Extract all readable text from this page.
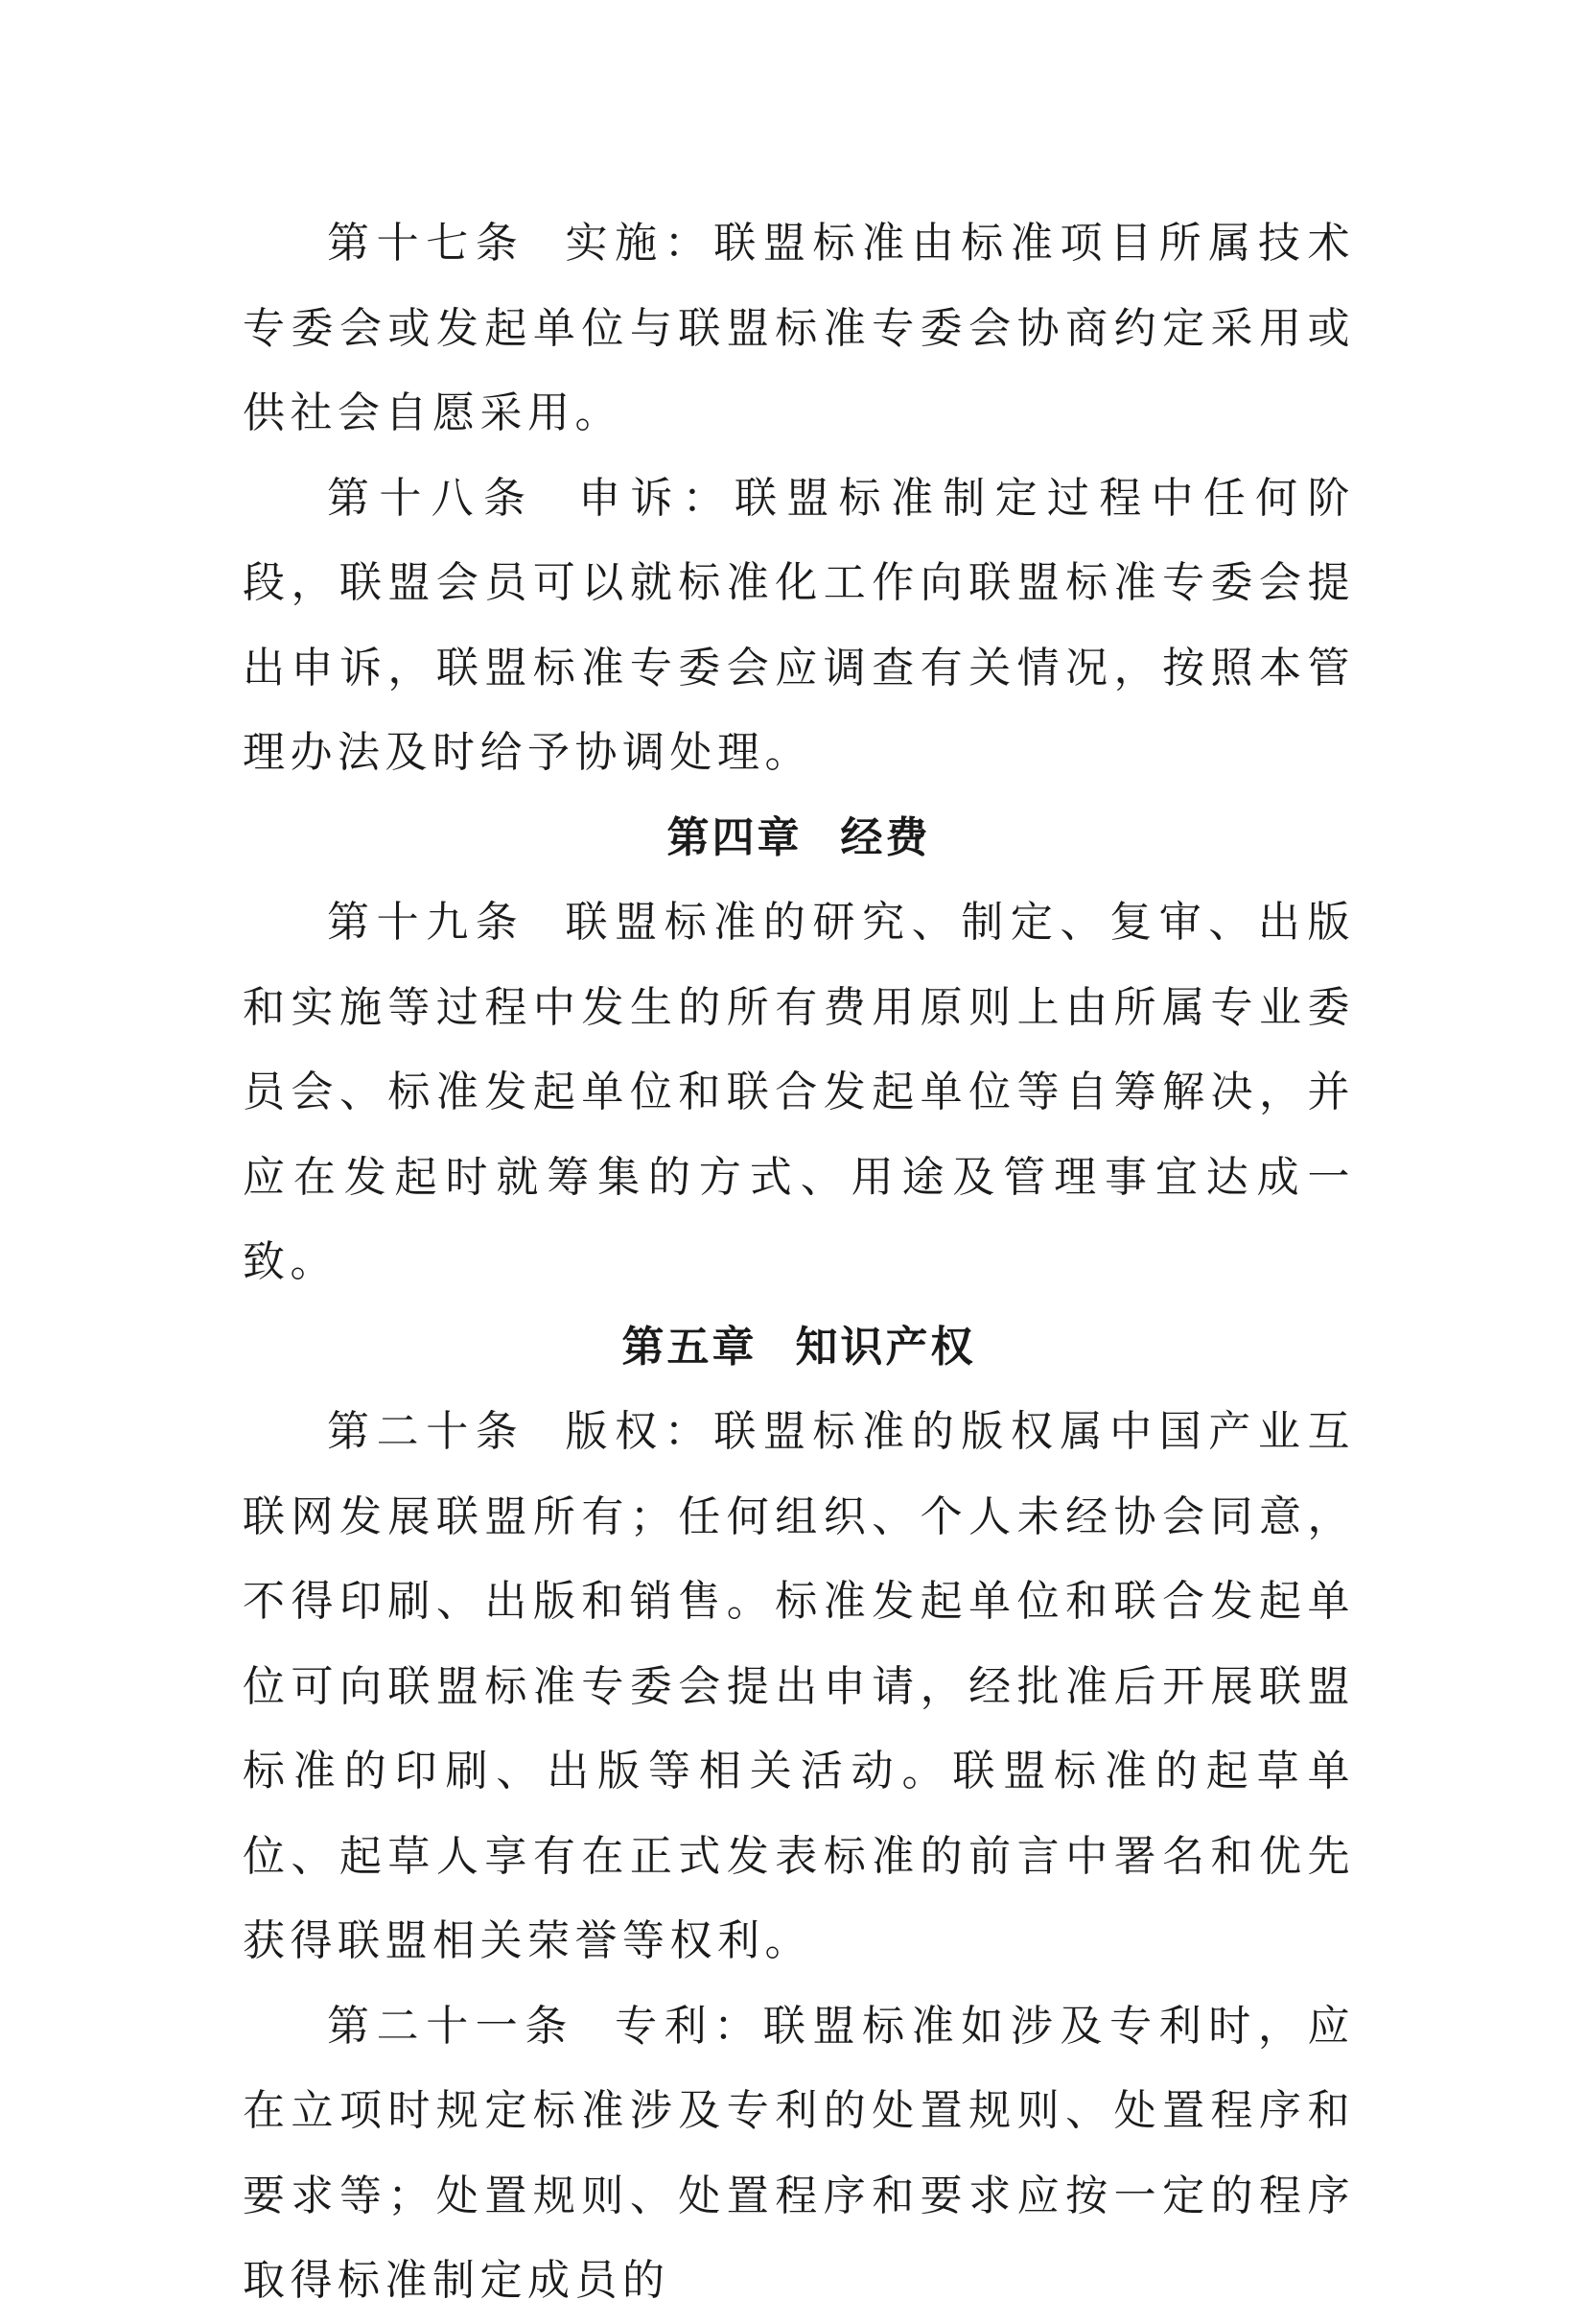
第十七条 实施：联盟标准由标准项目所属技术专委会或发起单位与联盟标准专委会协商约定采用或供社会自愿采用。

第十八条 申诉：联盟标准制定过程中任何阶段，联盟会员可以就标准化工作向联盟标准专委会提出申诉，联盟标准专委会应调查有关情况，按照本管理办法及时给予协调处理。

第四章 经费

第十九条 联盟标准的研究、制定、复审、出版和实施等过程中发生的所有费用原则上由所属专业委员会、标准发起单位和联合发起单位等自筹解决，并应在发起时就筹集的方式、用途及管理事宜达成一致。

第五章 知识产权

第二十条 版权：联盟标准的版权属中国产业互联网发展联盟所有；任何组织、个人未经协会同意，不得印刷、出版和销售。标准发起单位和联合发起单位可向联盟标准专委会提出申请，经批准后开展联盟标准的印刷、出版等相关活动。联盟标准的起草单位、起草人享有在正式发表标准的前言中署名和优先获得联盟相关荣誉等权利。

第二十一条 专利：联盟标准如涉及专利时，应在立项时规定标准涉及专利的处置规则、处置程序和要求等；处置规则、处置程序和要求应按一定的程序取得标准制定成员的
